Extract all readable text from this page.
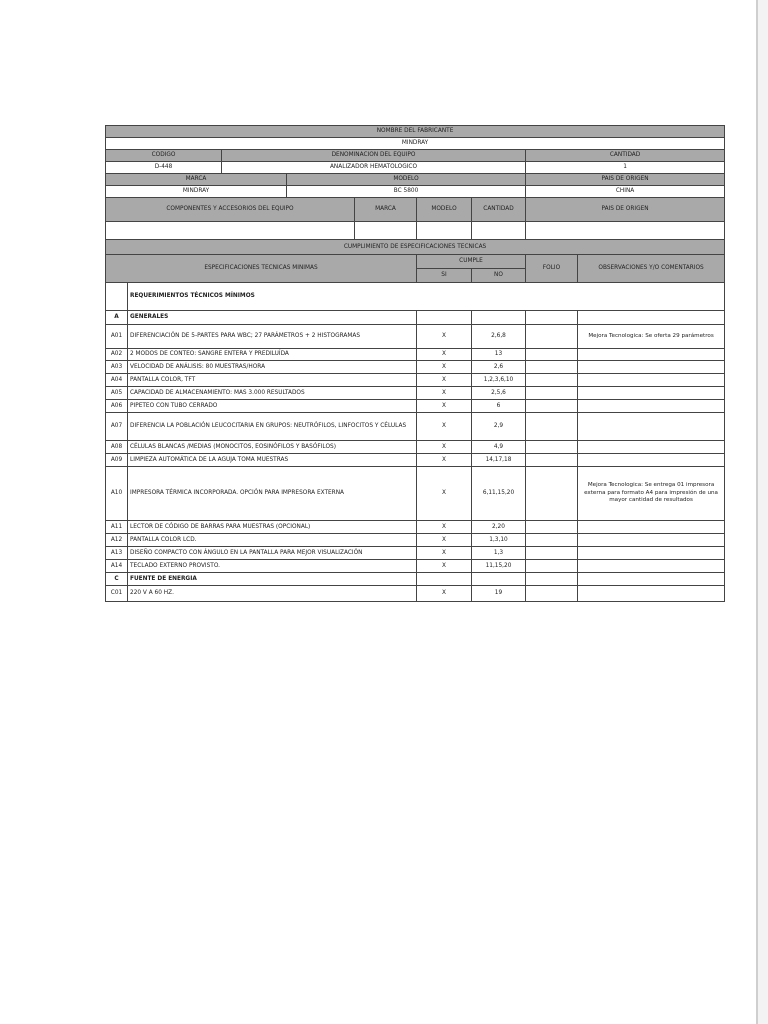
NOMBRE DEL FABRICANTE								
MINDRAY								
CODIGO		DENOMINACION DEL EQUIPO					CANTIDAD	
D-448		ANALIZADOR HEMATOLOGICO					1	
MARCA			MODELO				PAIS DE ORIGEN	
MINDRAY			BC 5800				CHINA	
COMPONENTES Y ACCESORIOS DEL EQUIPO				MARCA	MODELO	CANTIDAD	PAIS DE ORIGEN	

CUMPLIMIENTO DE ESPECIFICACIONES TECNICAS								
ESPECIFICACIONES TECNICAS MINIMAS					CUMPLE		FOLIO	OBSERVACIONES Y/O COMENTARIOS
					SI	NO		
	REQUERIMIENTOS TÉCNICOS MÍNIMOS							
A	GENERALES							
A01	DIFERENCIACIÓN DE 5-PARTES PARA WBC; 27 PARÁMETROS + 2 HISTOGRAMAS				X	2,6,8		Mejora Tecnologica: Se oferta 29 parámetros
A02	2 MODOS DE CONTEO: SANGRE ENTERA Y PREDILUÍDA				X	13		
A03	VELOCIDAD DE ANÁLISIS: 80 MUESTRAS/HORA				X	2,6		
A04	PANTALLA COLOR, TFT				X	1,2,3,6,10		
A05	CAPACIDAD DE ALMACENAMIENTO: MAS 3.000 RESULTADOS				X	2,5,6		
A06	PIPETEO CON TUBO CERRADO				X	6		
A07	DIFERENCIA LA POBLACIÓN LEUCOCITARIA EN GRUPOS: NEUTRÓFILOS, LINFOCITOS Y CÉLULAS				X	2,9		
A08	CÉLULAS BLANCAS /MEDIAS (MONOCITOS, EOSINÓFILOS Y BASÓFILOS)				X	4,9		
A09	LIMPIEZA AUTOMÁTICA DE LA AGUJA TOMA MUESTRAS				X	14,17,18		
A10	IMPRESORA TÉRMICA INCORPORADA. OPCIÓN PARA IMPRESORA EXTERNA				X	6,11,15,20		Mejora Tecnologica: Se entrega 01 impresora externa para formato A4 para impresión de una mayor cantidad de resultados
A11	LECTOR DE CÓDIGO DE BARRAS PARA MUESTRAS (OPCIONAL)				X	2,20		
A12	PANTALLA COLOR LCD.				X	1,3,10		
A13	DISEÑO COMPACTO CON ÁNGULO EN LA PANTALLA PARA MEJOR VISUALIZACIÓN				X	1,3		
A14	TECLADO EXTERNO PROVISTO.				X	11,15,20		
C	FUENTE DE ENERGIA							
C01	220 V A 60 HZ.				X	19		
